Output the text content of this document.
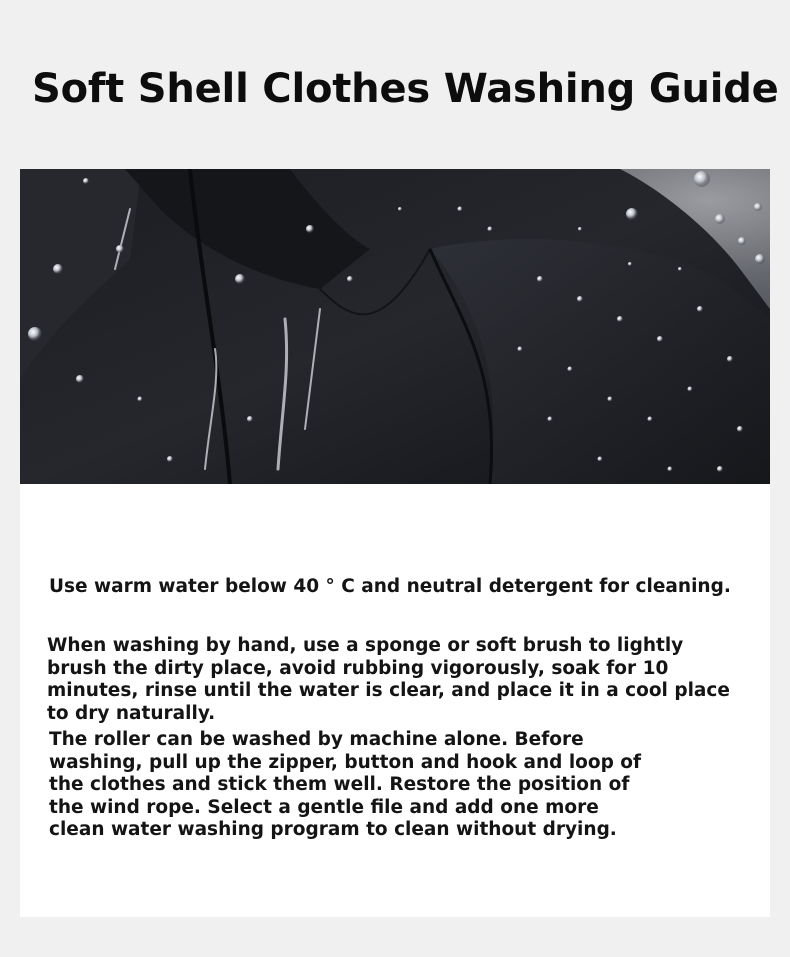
Soft Shell Clothes Washing Guide

Use warm water below 40 ° C and neutral detergent for cleaning.

When washing by hand, use a sponge or soft brush to lightly brush the dirty place, avoid rubbing vigorously, soak for 10 minutes, rinse until the water is clear, and place it in a cool place to dry naturally.

The roller can be washed by machine alone. Before washing, pull up the zipper, button and hook and loop of the clothes and stick them well. Restore the position of the wind rope. Select a gentle file and add one more clean water washing program to clean without drying.
